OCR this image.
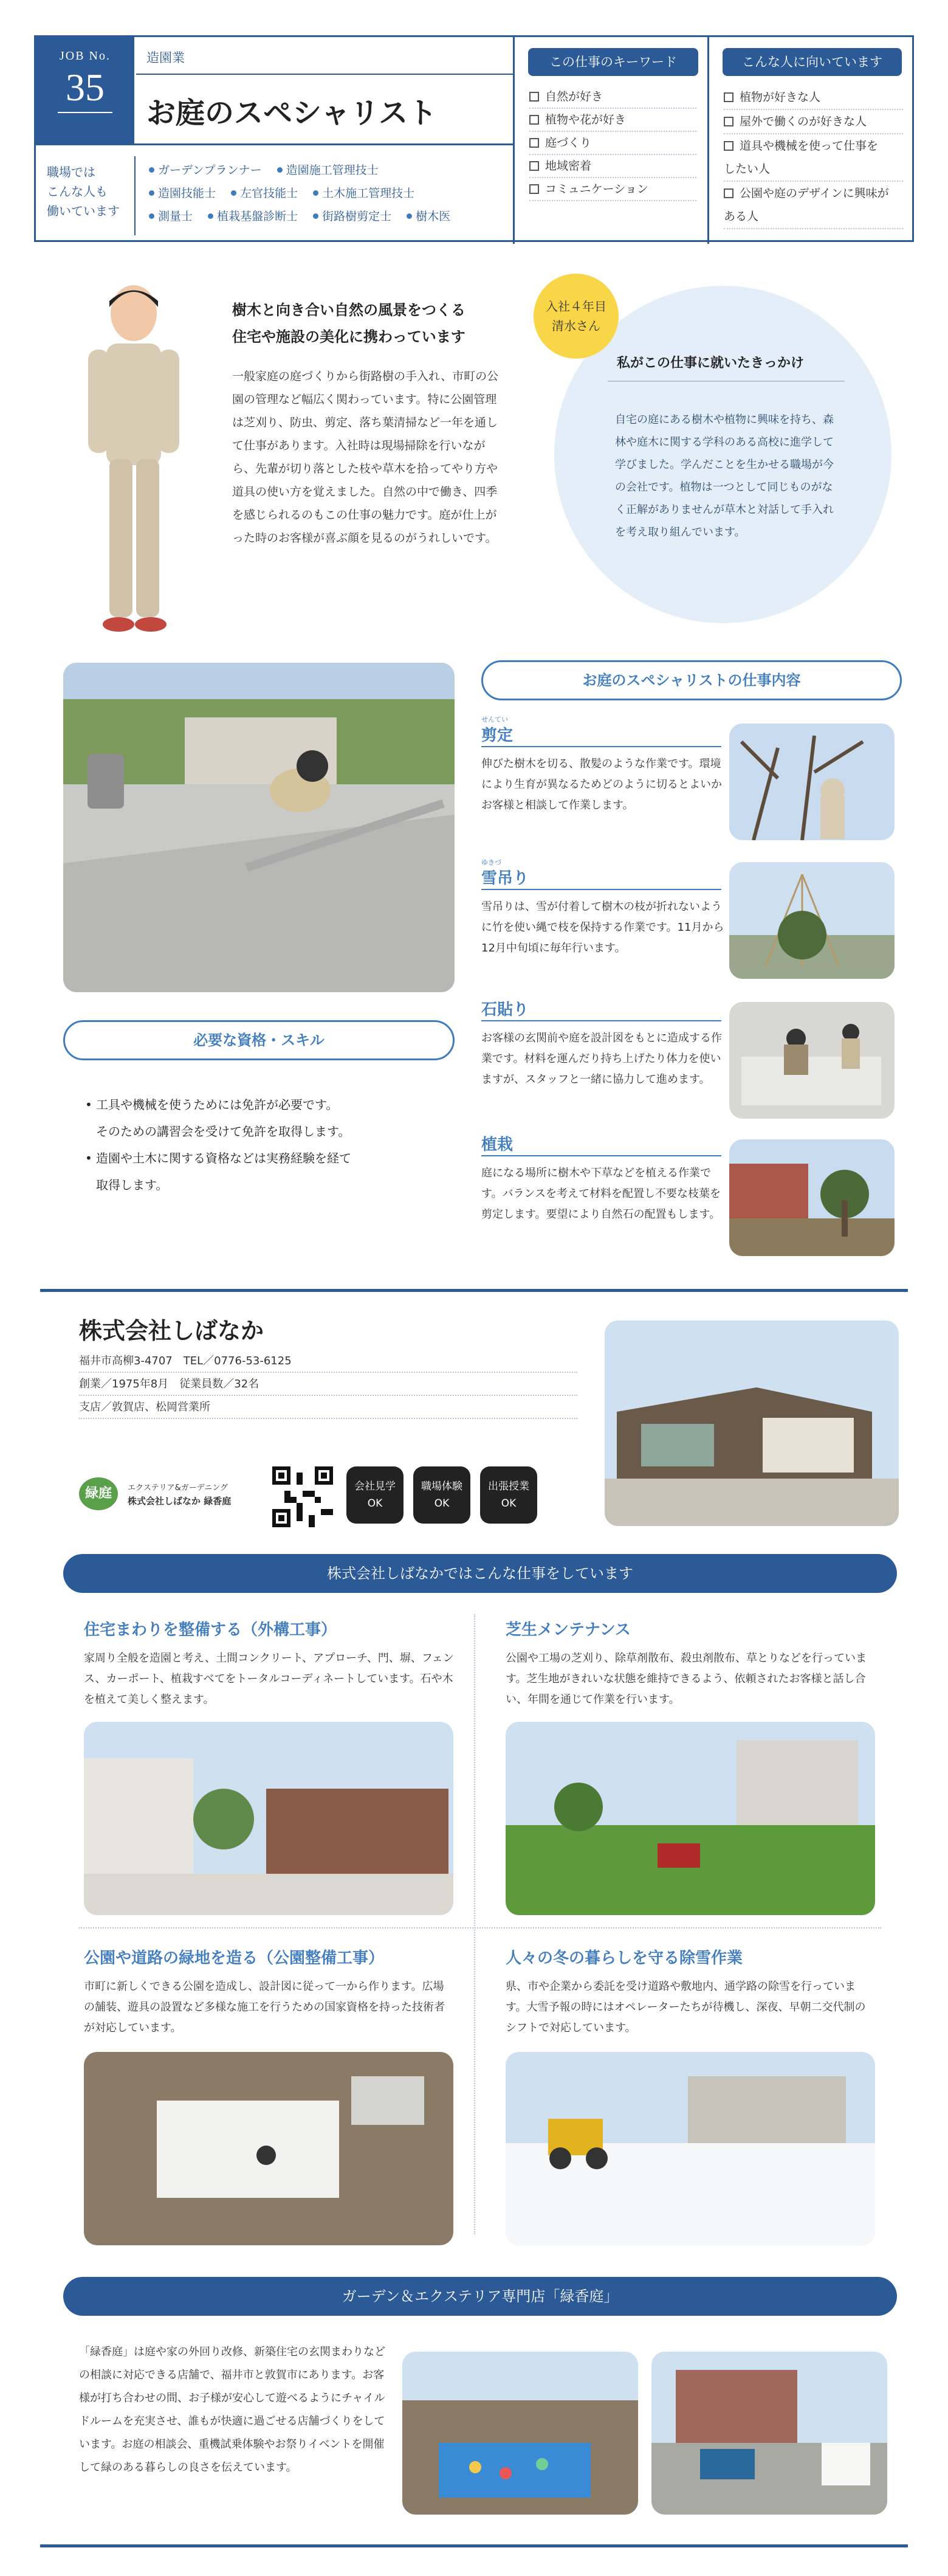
JOB No.
35
造園業
お庭のスペシャリスト
職場では
こんな人も
働いています
ガーデンプランナー  造園施工管理技士
造園技能士  左官技能士  土木施工管理技士
測量士  植栽基盤診断士  街路樹剪定士  樹木医
この仕事のキーワード
自然が好き
植物や花が好き
庭づくり
地域密着
コミュニケーション
こんな人に向いています
植物が好きな人
屋外で働くのが好きな人
道具や機械を使って仕事を
したい人
公園や庭のデザインに興味が
ある人
樹木と向き合い自然の風景をつくる
住宅や施設の美化に携わっています
一般家庭の庭づくりから街路樹の手入れ、市町の公園の管理など幅広く関わっています。特に公園管理は芝刈り、防虫、剪定、落ち葉清掃など一年を通して仕事があります。入社時は現場掃除を行いながら、先輩が切り落とした枝や草木を拾ってやり方や道具の使い方を覚えました。自然の中で働き、四季を感じられるのもこの仕事の魅力です。庭が仕上がった時のお客様が喜ぶ顔を見るのがうれしいです。
入社４年目
清水さん
私がこの仕事に就いたきっかけ
自宅の庭にある樹木や植物に興味を持ち、森林や庭木に関する学科のある高校に進学して学びました。学んだことを生かせる職場が今の会社です。植物は一つとして同じものがなく正解がありませんが草木と対話して手入れを考え取り組んでいます。
お庭のスペシャリストの仕事内容
せんてい
剪定
伸びた樹木を切る、散髪のような作業です。環境により生育が異なるためどのように切るとよいかお客様と相談して作業します。
ゆきづ
雪吊り
雪吊りは、雪が付着して樹木の枝が折れないように竹を使い縄で枝を保持する作業です。11月から12月中旬頃に毎年行います。
石貼り
お客様の玄関前や庭を設計図をもとに造成する作業です。材料を運んだり持ち上げたり体力を使いますが、スタッフと一緒に協力して進めます。
植栽
庭になる場所に樹木や下草などを植える作業です。バランスを考えて材料を配置し不要な枝葉を剪定します。要望により自然石の配置もします。
必要な資格・スキル
• 工具や機械を使うためには免許が必要です。
そのための講習会を受けて免許を取得します。
• 造園や土木に関する資格などは実務経験を経て
取得します。
株式会社しばなか
福井市高柳3-4707　TEL／0776-53-6125
創業／1975年8月　従業員数／32名
支店／敦賀店、松岡営業所
緑庭	エクステリア&ガーデニング
株式会社しばなか 緑香庭
会社見学
OK
職場体験
OK
出張授業
OK
株式会社しばなかではこんな仕事をしています
住宅まわりを整備する（外構工事）
家周り全般を造園と考え、土間コンクリート、アプローチ、門、塀、フェンス、カーポート、植栽すべてをトータルコーディネートしています。石や木を植えて美しく整えます。
芝生メンテナンス
公園や工場の芝刈り、除草剤散布、殺虫剤散布、草とりなどを行っています。芝生地がきれいな状態を維持できるよう、依頼されたお客様と話し合い、年間を通じて作業を行います。
公園や道路の緑地を造る（公園整備工事）
市町に新しくできる公園を造成し、設計図に従って一から作ります。広場の舗装、遊具の設置など多様な施工を行うための国家資格を持った技術者が対応しています。
人々の冬の暮らしを守る除雪作業
県、市や企業から委託を受け道路や敷地内、通学路の除雪を行っています。大雪予報の時にはオペレーターたちが待機し、深夜、早朝二交代制のシフトで対応しています。
ガーデン＆エクステリア専門店「緑香庭」
「緑香庭」は庭や家の外回り改修、新築住宅の玄関まわりなどの相談に対応できる店舗で、福井市と敦賀市にあります。お客様が打ち合わせの間、お子様が安心して遊べるようにチャイルドルームを充実させ、誰もが快適に過ごせる店舗づくりをしています。お庭の相談会、重機試乗体験やお祭りイベントを開催して緑のある暮らしの良さを伝えています。
